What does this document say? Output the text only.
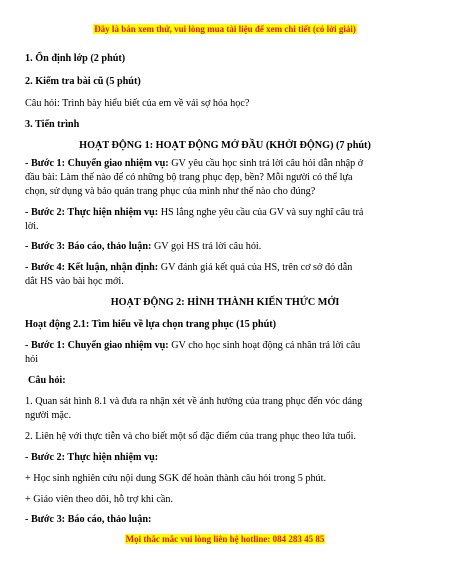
Đây là bản xem thử, vui lòng mua tài liệu để xem chi tiết (có lời giải)
1. Ổn định lớp (2 phút)
2. Kiểm tra bài cũ (5 phút)
Câu hỏi: Trình bày hiểu biết của em về vải sợ hóa học?
3. Tiến trình
HOẠT ĐỘNG 1: HOẠT ĐỘNG MỞ ĐẦU (KHỞI ĐỘNG) (7 phút)
- Bước 1: Chuyển giao nhiệm vụ: GV yêu cầu học sinh trả lời câu hỏi dẫn nhập ở
đầu bài: Làm thế nào để có những bộ trang phục đẹp, bền? Mỗi người có thể lựa
chọn, sử dụng và bảo quản trang phục của mình như thế nào cho đúng?
- Bước 2: Thực hiện nhiệm vụ: HS lắng nghe yêu cầu của GV và suy nghĩ câu trả
lời.
- Bước 3: Báo cáo, thảo luận: GV gọi HS trả lời câu hỏi.
- Bước 4: Kết luận, nhận định: GV đánh giá kết quả của HS, trên cơ sở đó dẫn
dắt HS vào bài học mới.
HOẠT ĐỘNG 2: HÌNH THÀNH KIẾN THỨC MỚI
Hoạt động 2.1: Tìm hiểu về lựa chọn trang phục (15 phút)
- Bước 1: Chuyển giao nhiệm vụ: GV cho học sinh hoạt động cá nhân trả lời câu
hỏi
Câu hỏi:
1. Quan sát hình 8.1 và đưa ra nhận xét về ảnh hưởng của trang phục đến vóc dáng
người mặc.
2. Liên hệ với thực tiễn và cho biết một số đặc điểm của trang phục theo lứa tuổi.
- Bước 2: Thực hiện nhiệm vụ:
+ Học sinh nghiên cứu nội dung SGK để hoàn thành câu hỏi trong 5 phút.
+ Giáo viên theo dõi, hỗ trợ khi cần.
- Bước 3: Báo cáo, thảo luận:
Mọi thắc mắc vui lòng liên hệ hotline: 084 283 45 85
